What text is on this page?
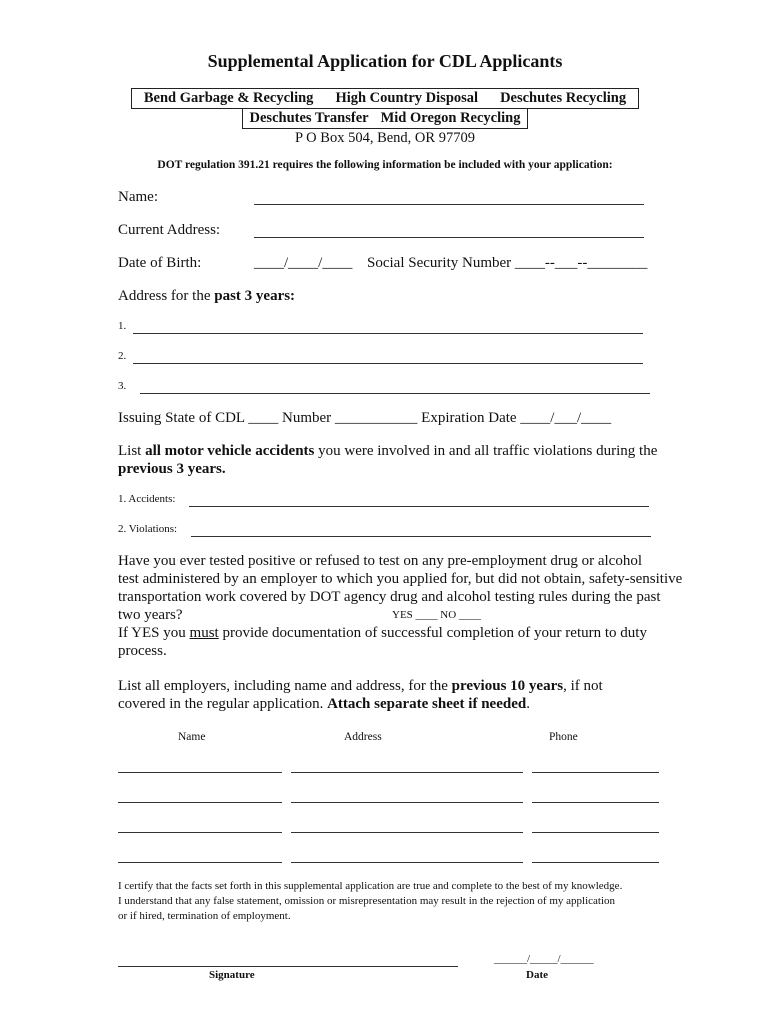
Supplemental Application for CDL Applicants
Bend Garbage & Recycling High Country Disposal Deschutes Recycling
Deschutes Transfer Mid Oregon Recycling
P O Box 504, Bend, OR 97709
DOT regulation 391.21 requires the following information be included with your application:
Name:
Current Address:
Date of Birth:	____/____/____ Social Security Number ____--___--________
Address for the past 3 years:
1.
2.
3.
Issuing State of CDL ____ Number ___________ Expiration Date ____/___/____
List all motor vehicle accidents you were involved in and all traffic violations during the
previous 3 years.
1. Accidents:
2. Violations:
Have you ever tested positive or refused to test on any pre-employment drug or alcohol
test administered by an employer to which you applied for, but did not obtain, safety-sensitive
transportation work covered by DOT agency drug and alcohol testing rules during the past
two years?	YES ____ NO ____
If YES you must provide documentation of successful completion of your return to duty
process.
List all employers, including name and address, for the previous 10 years, if not
covered in the regular application. Attach separate sheet if needed.
Name	Address	Phone
I certify that the facts set forth in this supplemental application are true and complete to the best of my knowledge.
I understand that any false statement, omission or misrepresentation may result in the rejection of my application
or if hired, termination of employment.
Signature
______/_____/______
Date
